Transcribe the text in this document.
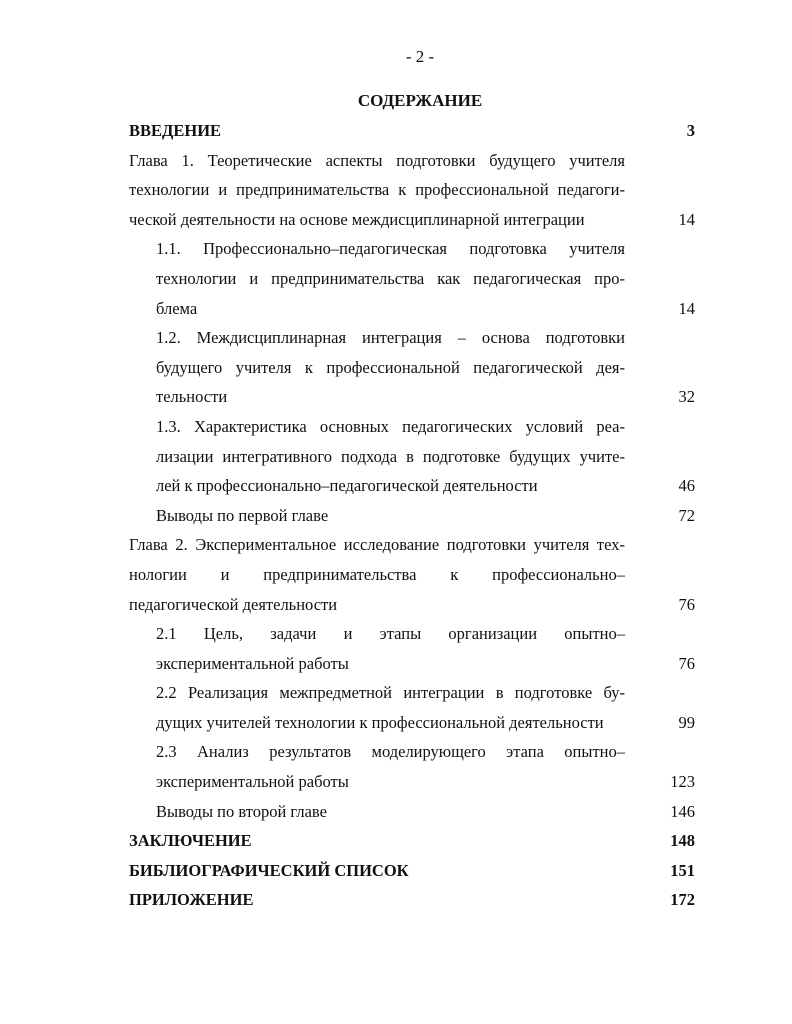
- 2 -
СОДЕРЖАНИЕ
ВВЕДЕНИЕ	3
Глава 1. Теоретические аспекты подготовки будущего учителя
технологии и предпринимательства к профессиональной педагоги-
ческой деятельности на основе междисциплинарной интеграции	14
1.1. Профессионально–педагогическая подготовка учителя
технологии и предпринимательства как педагогическая про-
блема	14
1.2. Междисциплинарная интеграция – основа подготовки
будущего учителя к профессиональной педагогической дея-
тельности	32
1.3. Характеристика основных педагогических условий реа-
лизации интегративного подхода в подготовке будущих учите-
лей к профессионально–педагогической деятельности	46
Выводы по первой главе	72
Глава 2. Экспериментальное исследование подготовки учителя тех-
нологии и предпринимательства к профессионально–
педагогической деятельности	76
2.1 Цель, задачи и этапы организации опытно–
экспериментальной работы	76
2.2 Реализация межпредметной интеграции в подготовке бу-
дущих учителей технологии к профессиональной деятельности	99
2.3 Анализ результатов моделирующего этапа опытно–
экспериментальной работы	123
Выводы по второй главе	146
ЗАКЛЮЧЕНИЕ	148
БИБЛИОГРАФИЧЕСКИЙ СПИСОК	151
ПРИЛОЖЕНИЕ	172
